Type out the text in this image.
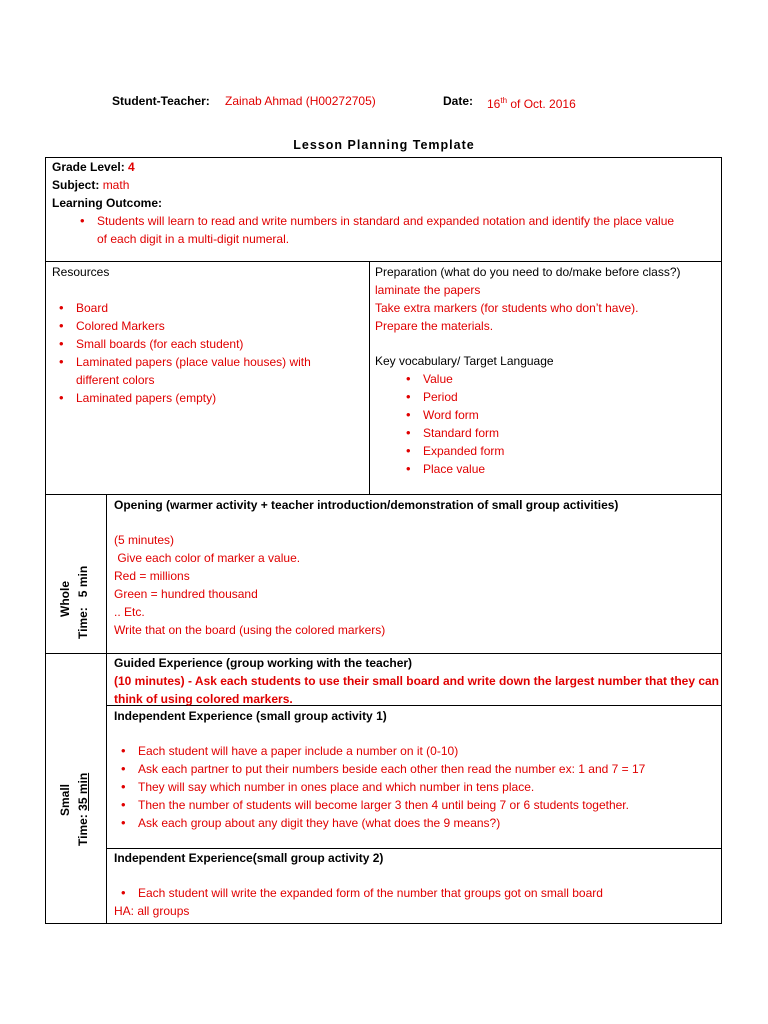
Student-Teacher: Zainab Ahmad (H00272705)	Date: 16th of Oct. 2016
Lesson Planning Template
Grade Level: 4
Subject: math
Learning Outcome:
• Students will learn to read and write numbers in standard and expanded notation and identify the place value
of each digit in a multi-digit numeral.
Resources
• Board
• Colored Markers
• Small boards (for each student)
• Laminated papers (place value houses) with
different colors
• Laminated papers (empty)
Preparation (what do you need to do/make before class?)
laminate the papers
Take extra markers (for students who don’t have).
Prepare the materials.
Key vocabulary/ Target Language
• Value
• Period
• Word form
• Standard form
• Expanded form
• Place value
Whole
Time:   5 min
Opening (warmer activity + teacher introduction/demonstration of small group activities)
(5 minutes)
Give each color of marker a value.
Red = millions
Green = hundred thousand
.. Etc.
Write that on the board (using the colored markers)
Small
Time: 35 min
Guided Experience (group working with the teacher)
(10 minutes) - Ask each students to use their small board and write down the largest number that they can
think of using colored markers.
Independent Experience (small group activity 1)
• Each student will have a paper include a number on it (0-10)
• Ask each partner to put their numbers beside each other then read the number ex: 1 and 7 = 17
• They will say which number in ones place and which number in tens place.
• Then the number of students will become larger 3 then 4 until being 7 or 6 students together.
• Ask each group about any digit they have (what does the 9 means?)
Independent Experience(small group activity 2)
• Each student will write the expanded form of the number that groups got on small board
HA: all groups
